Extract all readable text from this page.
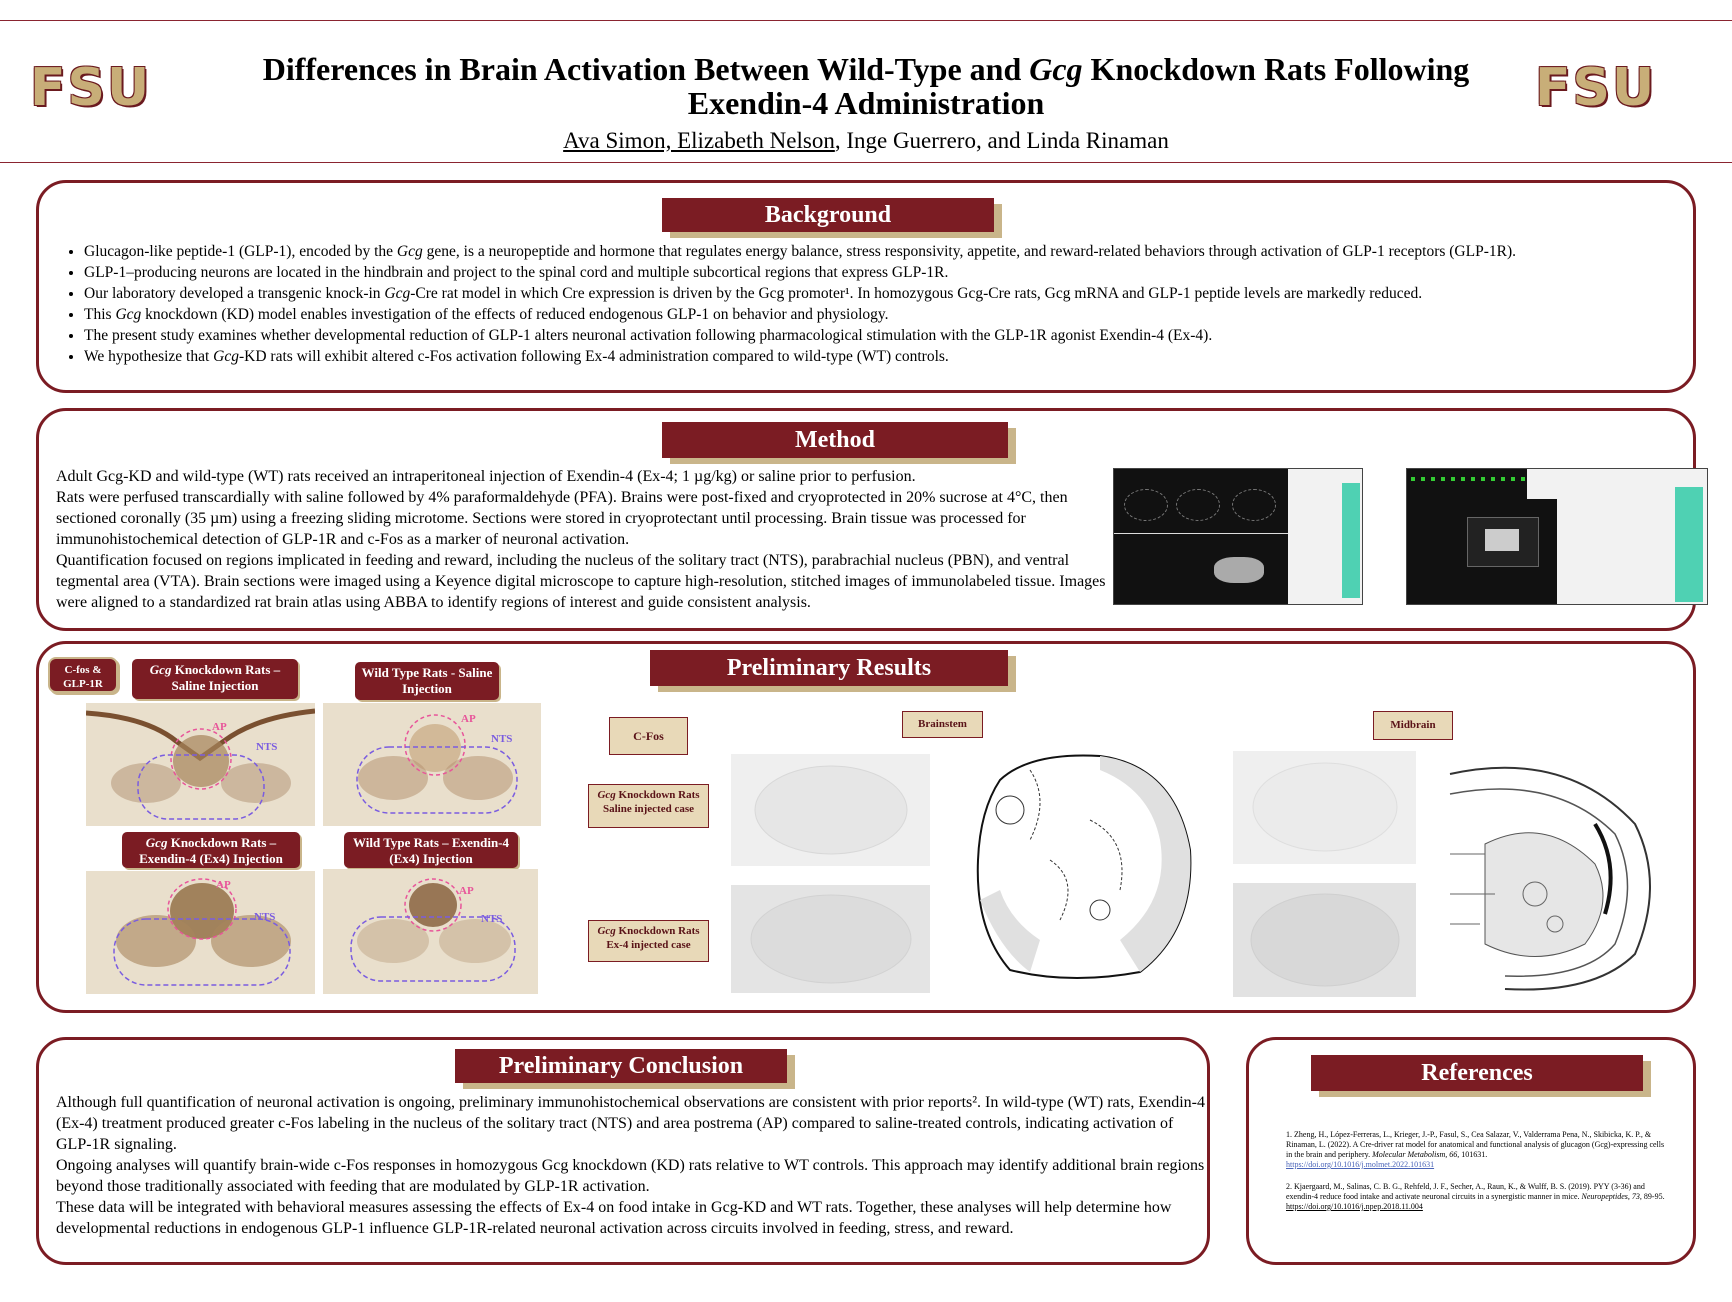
FSU	FSU
Differences in Brain Activation Between Wild-Type and Gcg Knockdown Rats Following
Exendin-4 Administration
Ava Simon, Elizabeth Nelson, Inge Guerrero, and Linda Rinaman
Background
• Glucagon-like peptide-1 (GLP-1), encoded by the Gcg gene, is a neuropeptide and hormone that regulates energy balance, stress responsivity, appetite, and reward-related behaviors through activation of GLP-1 receptors (GLP-1R).
• GLP-1–producing neurons are located in the hindbrain and project to the spinal cord and multiple subcortical regions that express GLP-1R.
• Our laboratory developed a transgenic knock-in Gcg-Cre rat model in which Cre expression is driven by the Gcg promoter¹. In homozygous Gcg-Cre rats, Gcg mRNA and GLP-1 peptide levels are markedly reduced.
• This Gcg knockdown (KD) model enables investigation of the effects of reduced endogenous GLP-1 on behavior and physiology.
• The present study examines whether developmental reduction of GLP-1 alters neuronal activation following pharmacological stimulation with the GLP-1R agonist Exendin-4 (Ex-4).
• We hypothesize that Gcg-KD rats will exhibit altered c-Fos activation following Ex-4 administration compared to wild-type (WT) controls.
Method

Adult Gcg-KD and wild-type (WT) rats received an intraperitoneal injection of Exendin-4 (Ex-4; 1 µg/kg) or saline prior to perfusion.

Rats were perfused transcardially with saline followed by 4% paraformaldehyde (PFA). Brains were post-fixed and cryoprotected in 20% sucrose at 4°C, then sectioned coronally (35 µm) using a freezing sliding microtome. Sections were stored in cryoprotectant until processing. Brain tissue was processed for immunohistochemical detection of GLP-1R and c-Fos as a marker of neuronal activation.

Quantification focused on regions implicated in feeding and reward, including the nucleus of the solitary tract (NTS), parabrachial nucleus (PBN), and ventral tegmental area (VTA). Brain sections were imaged using a Keyence digital microscope to capture high-resolution, stitched images of immunolabeled tissue. Images were aligned to a standardized rat brain atlas using ABBA to identify regions of interest and guide consistent analysis.

Preliminary Results
C-fos & GLP-1R
Gcg Knockdown Rats – Saline Injection
Wild Type Rats - Saline Injection
Gcg Knockdown Rats – Exendin-4 (Ex4) Injection
Wild Type Rats – Exendin-4 (Ex4) Injection
AP
NTS
AP
NTS
AP
NTS
AP
NTS
C-Fos
Brainstem	Midbrain
Gcg Knockdown Rats
Saline injected case
Gcg Knockdown Rats
Ex-4 injected case
Preliminary Conclusion

Although full quantification of neuronal activation is ongoing, preliminary immunohistochemical observations are consistent with prior reports². In wild-type (WT) rats, Exendin-4 (Ex-4) treatment produced greater c-Fos labeling in the nucleus of the solitary tract (NTS) and area postrema (AP) compared to saline-treated controls, indicating activation of GLP-1R signaling.

Ongoing analyses will quantify brain-wide c-Fos responses in homozygous Gcg knockdown (KD) rats relative to WT controls. This approach may identify additional brain regions beyond those traditionally associated with feeding that are modulated by GLP-1R activation.

These data will be integrated with behavioral measures assessing the effects of Ex-4 on food intake in Gcg-KD and WT rats. Together, these analyses will help determine how developmental reductions in endogenous GLP-1 influence GLP-1R-related neuronal activation across circuits involved in feeding, stress, and reward.

References
1. Zheng, H., López-Ferreras, L., Krieger, J.-P., Fasul, S., Cea Salazar, V., Valderrama Pena, N., Skibicka, K. P., & Rinaman, L. (2022). A Cre-driver rat model for anatomical and functional analysis of glucagon (Gcg)-expressing cells in the brain and periphery. Molecular Metabolism, 66, 101631.
https://doi.org/10.1016/j.molmet.2022.101631
2. Kjaergaard, M., Salinas, C. B. G., Rehfeld, J. F., Secher, A., Raun, K., & Wulff, B. S. (2019). PYY (3-36) and exendin-4 reduce food intake and activate neuronal circuits in a synergistic manner in mice. Neuropeptides, 73, 89-95. https://doi.org/10.1016/j.npep.2018.11.004
